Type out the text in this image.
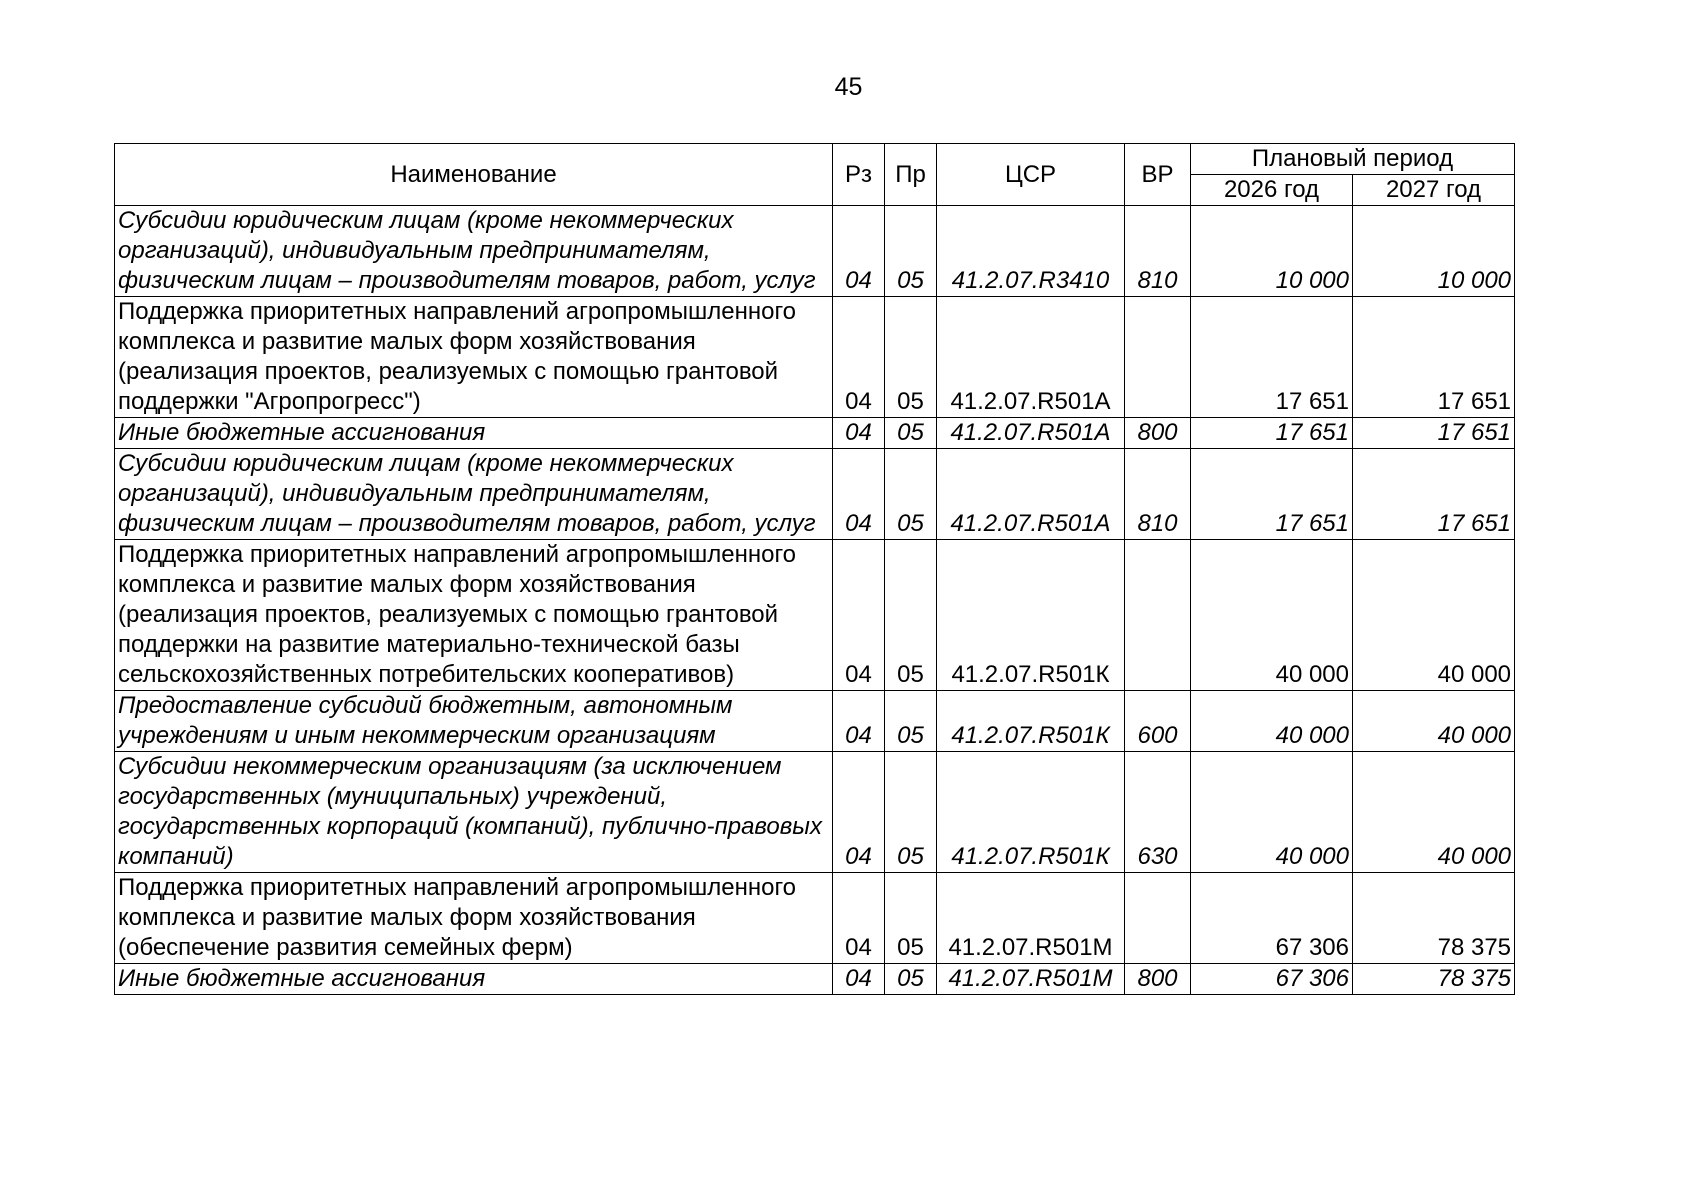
45
Наименование	Рз	Пр	ЦСР	ВР	Плановый период	
					2026 год	2027 год
Субсидии юридическим лицам (кроме некоммерческих организаций), индивидуальным предпринимателям, физическим лицам – производителям товаров, работ, услуг	04	05	41.2.07.R3410	810	10 000	10 000
Поддержка приоритетных направлений агропромышленного комплекса и развитие малых форм хозяйствования (реализация проектов, реализуемых с помощью грантовой поддержки "Агропрогресс")	04	05	41.2.07.R501А		17 651	17 651
Иные бюджетные ассигнования	04	05	41.2.07.R501А	800	17 651	17 651
Субсидии юридическим лицам (кроме некоммерческих организаций), индивидуальным предпринимателям, физическим лицам – производителям товаров, работ, услуг	04	05	41.2.07.R501А	810	17 651	17 651
Поддержка приоритетных направлений агропромышленного комплекса и развитие малых форм хозяйствования (реализация проектов, реализуемых с помощью грантовой поддержки на развитие материально-технической базы сельскохозяйственных потребительских кооперативов)	04	05	41.2.07.R501К		40 000	40 000
Предоставление субсидий бюджетным, автономным учреждениям и иным некоммерческим организациям	04	05	41.2.07.R501К	600	40 000	40 000
Субсидии некоммерческим организациям (за исключением государственных (муниципальных) учреждений, государственных корпораций (компаний), публично-правовых компаний)	04	05	41.2.07.R501К	630	40 000	40 000
Поддержка приоритетных направлений агропромышленного комплекса и развитие малых форм хозяйствования (обеспечение развития семейных ферм)	04	05	41.2.07.R501М		67 306	78 375
Иные бюджетные ассигнования	04	05	41.2.07.R501М	800	67 306	78 375
